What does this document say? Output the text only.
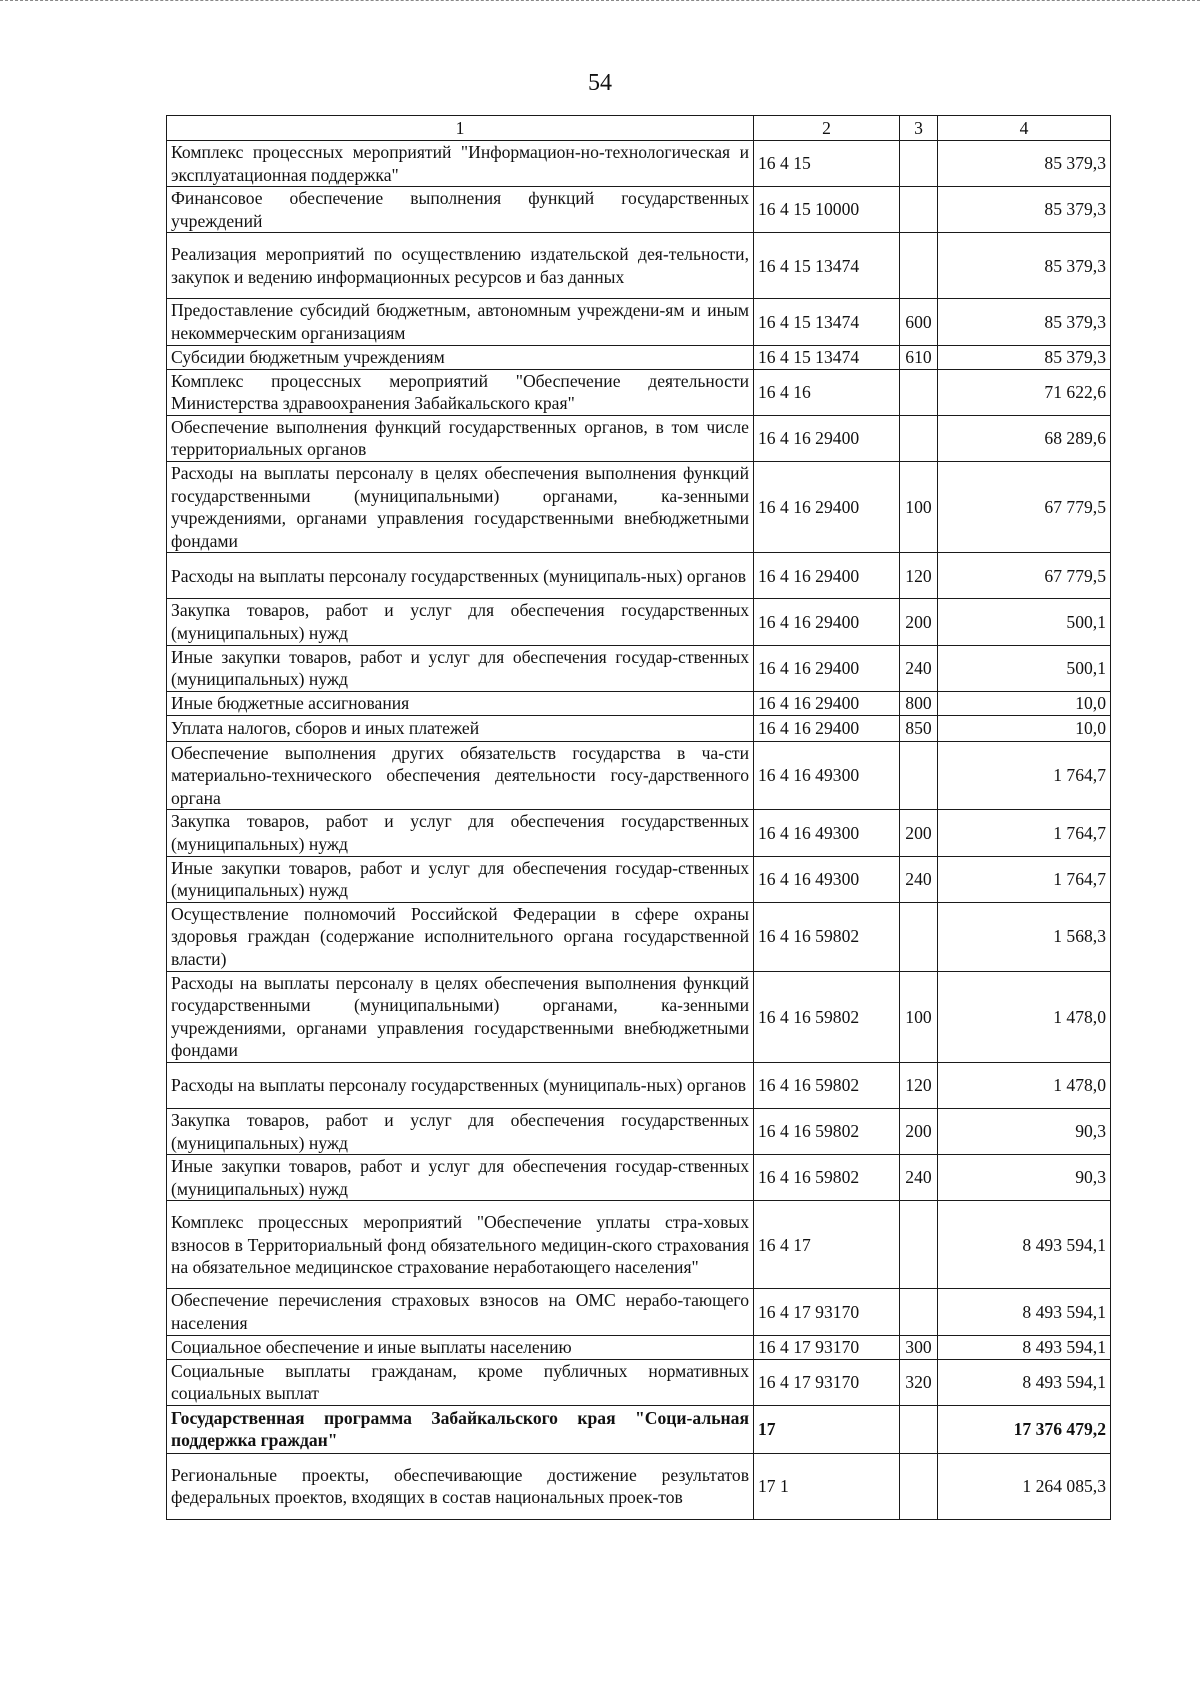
54
1	2	3	4
Комплекс процессных мероприятий "Информацион-но-технологическая и эксплуатационная поддержка"	16 4 15		85 379,3
Финансовое обеспечение выполнения функций государственных учреждений	16 4 15 10000		85 379,3
Реализация мероприятий по осуществлению издательской дея-тельности, закупок и ведению информационных ресурсов и баз данных	16 4 15 13474		85 379,3
Предоставление субсидий бюджетным, автономным учреждени-ям и иным некоммерческим организациям	16 4 15 13474	600	85 379,3
Субсидии бюджетным учреждениям	16 4 15 13474	610	85 379,3
Комплекс процессных мероприятий "Обеспечение деятельности Министерства здравоохранения Забайкальского края"	16 4 16		71 622,6
Обеспечение выполнения функций государственных органов, в том числе территориальных органов	16 4 16 29400		68 289,6
Расходы на выплаты персоналу в целях обеспечения выполнения функций государственными (муниципальными) органами, ка-зенными учреждениями, органами управления государственными внебюджетными фондами	16 4 16 29400	100	67 779,5
Расходы на выплаты персоналу государственных (муниципаль-ных) органов	16 4 16 29400	120	67 779,5
Закупка товаров, работ и услуг для обеспечения государственных (муниципальных) нужд	16 4 16 29400	200	500,1
Иные закупки товаров, работ и услуг для обеспечения государ-ственных (муниципальных) нужд	16 4 16 29400	240	500,1
Иные бюджетные ассигнования	16 4 16 29400	800	10,0
Уплата налогов, сборов и иных платежей	16 4 16 29400	850	10,0
Обеспечение выполнения других обязательств государства в ча-сти материально-технического обеспечения деятельности госу-дарственного органа	16 4 16 49300		1 764,7
Закупка товаров, работ и услуг для обеспечения государственных (муниципальных) нужд	16 4 16 49300	200	1 764,7
Иные закупки товаров, работ и услуг для обеспечения государ-ственных (муниципальных) нужд	16 4 16 49300	240	1 764,7
Осуществление полномочий Российской Федерации в сфере охраны здоровья граждан (содержание исполнительного органа государственной власти)	16 4 16 59802		1 568,3
Расходы на выплаты персоналу в целях обеспечения выполнения функций государственными (муниципальными) органами, ка-зенными учреждениями, органами управления государственными внебюджетными фондами	16 4 16 59802	100	1 478,0
Расходы на выплаты персоналу государственных (муниципаль-ных) органов	16 4 16 59802	120	1 478,0
Закупка товаров, работ и услуг для обеспечения государственных (муниципальных) нужд	16 4 16 59802	200	90,3
Иные закупки товаров, работ и услуг для обеспечения государ-ственных (муниципальных) нужд	16 4 16 59802	240	90,3
Комплекс процессных мероприятий "Обеспечение уплаты стра-ховых взносов в Территориальный фонд обязательного медицин-ского страхования на обязательное медицинское страхование неработающего населения"	16 4 17		8 493 594,1
Обеспечение перечисления страховых взносов на ОМС нерабо-тающего населения	16 4 17 93170		8 493 594,1
Социальное обеспечение и иные выплаты населению	16 4 17 93170	300	8 493 594,1
Социальные выплаты гражданам, кроме публичных нормативных социальных выплат	16 4 17 93170	320	8 493 594,1
Государственная программа Забайкальского края "Соци-альная поддержка граждан"	17		17 376 479,2
Региональные проекты, обеспечивающие достижение результатов федеральных проектов, входящих в состав национальных проек-тов	17 1		1 264 085,3
